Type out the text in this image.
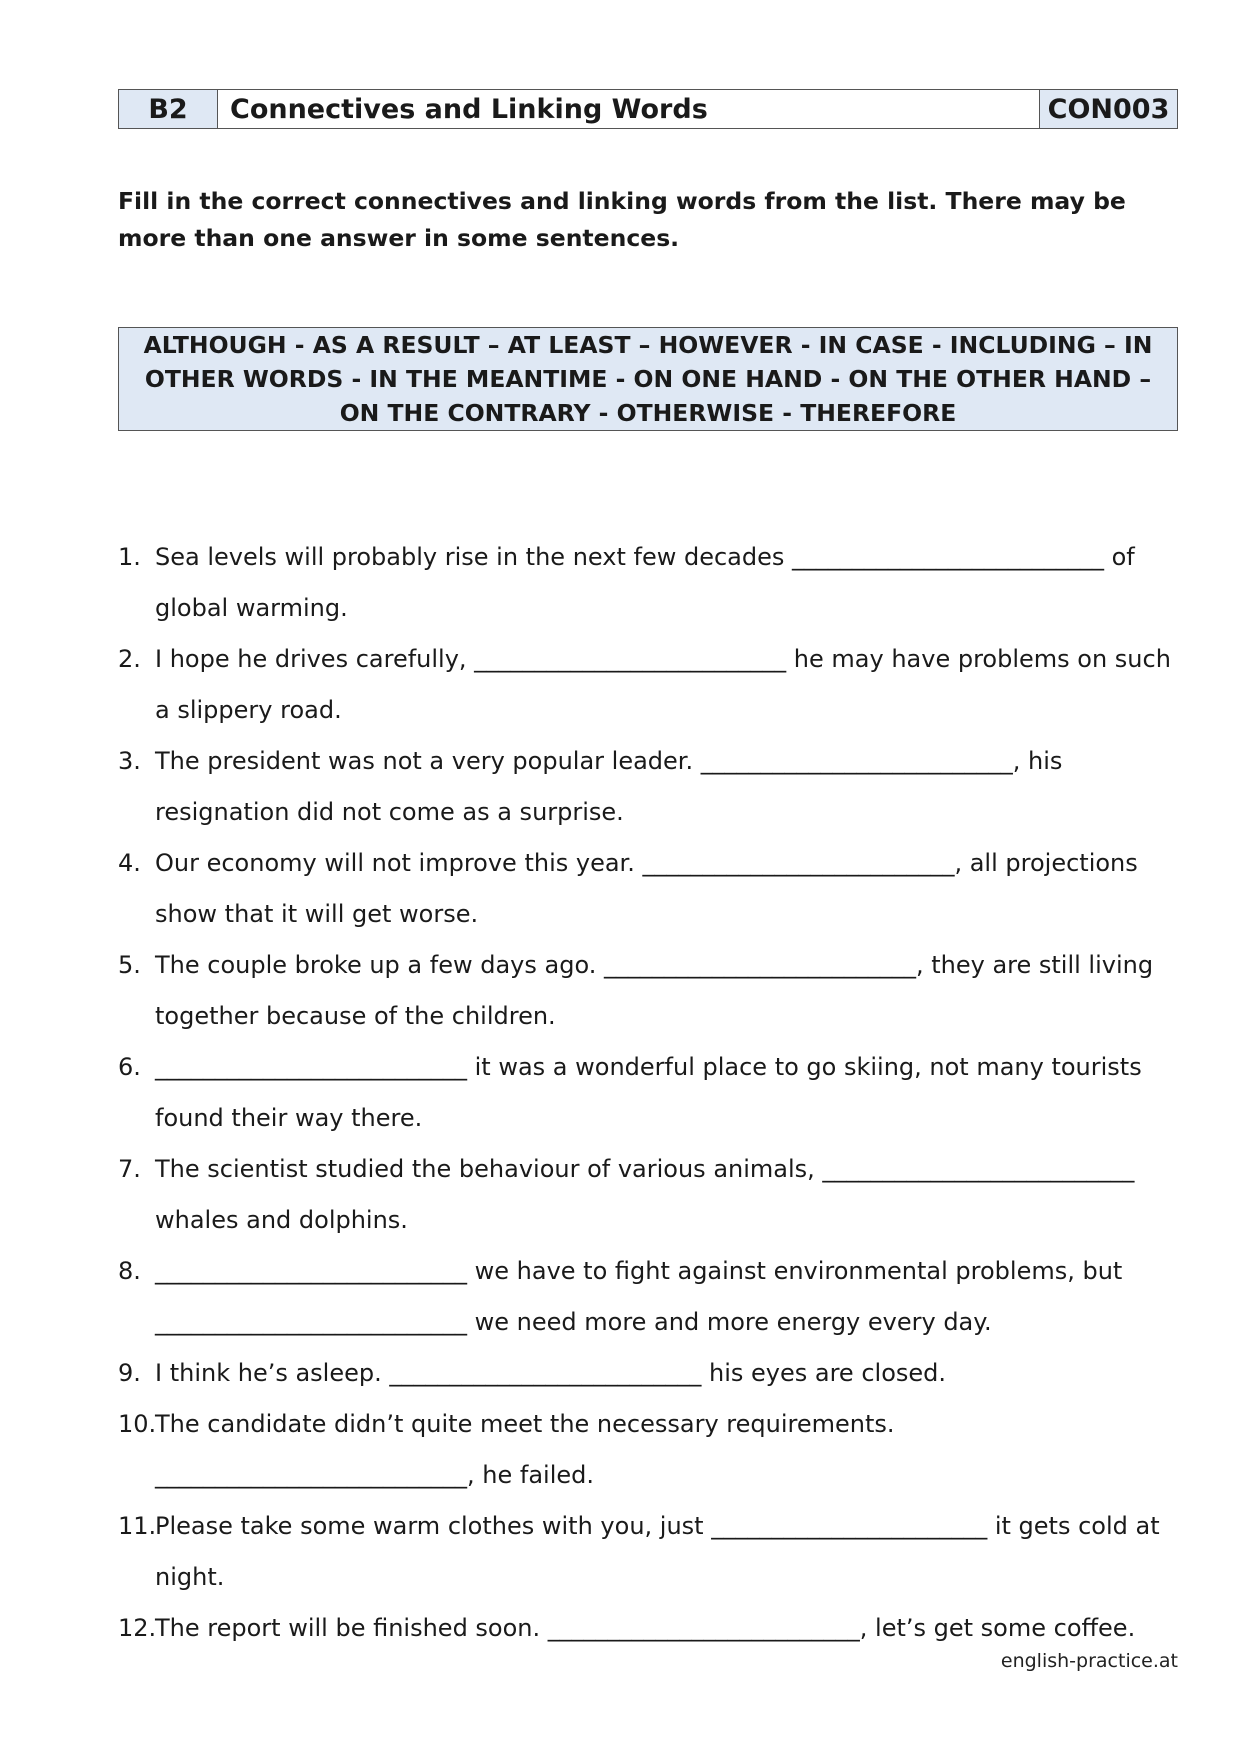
B2	Connectives and Linking Words	CON003

Fill in the correct connectives and linking words from the list. There may be more than one answer in some sentences.

ALTHOUGH - AS A RESULT – AT LEAST – HOWEVER - IN CASE - INCLUDING – IN OTHER WORDS - IN THE MEANTIME - ON ONE HAND - ON THE OTHER HAND – ON THE CONTRARY - OTHERWISE - THEREFORE
1. Sea levels will probably rise in the next few decades __________________________ of global warming.
2. I hope he drives carefully, __________________________ he may have problems on such a slippery road.
3. The president was not a very popular leader. __________________________, his resignation did not come as a surprise.
4. Our economy will not improve this year. __________________________, all projections show that it will get worse.
5. The couple broke up a few days ago. __________________________, they are still living together because of the children.
6. __________________________ it was a wonderful place to go skiing, not many tourists found their way there.
7. The scientist studied the behaviour of various animals, __________________________ whales and dolphins.
8. __________________________ we have to fight against environmental problems, but __________________________ we need more and more energy every day.
9. I think he’s asleep. __________________________ his eyes are closed.
10.
The candidate didn’t quite meet the necessary requirements. __________________________, he failed.
11.
Please take some warm clothes with you, just _______________________ it gets cold at night.
12.
The report will be finished soon. __________________________, let’s get some coffee.
english-practice.at
